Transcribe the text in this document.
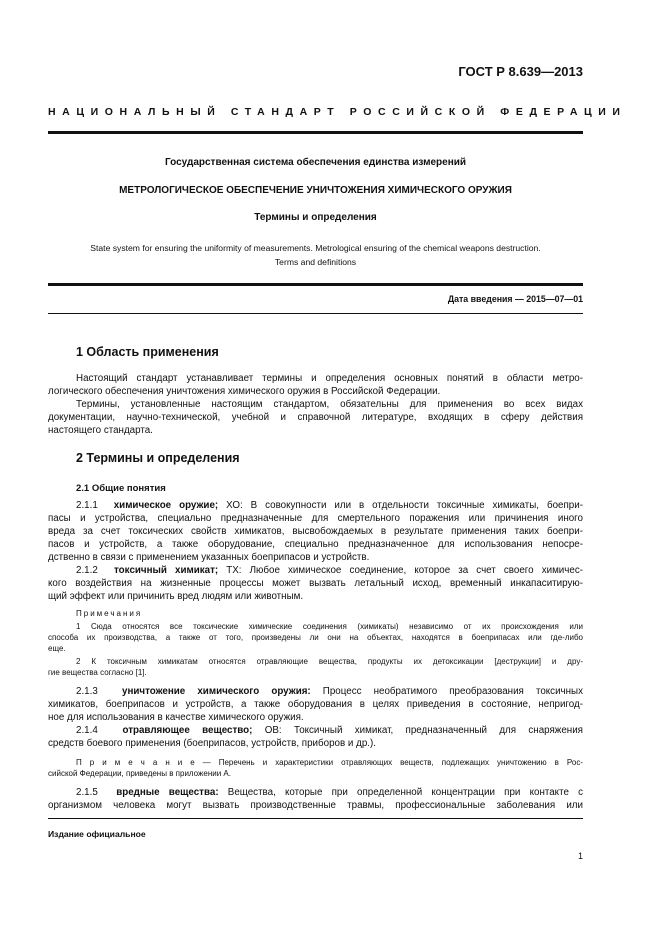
ГОСТ Р 8.639—2013
НАЦИОНАЛЬНЫЙ СТАНДАРТ РОССИЙСКОЙ ФЕДЕРАЦИИ
Государственная система обеспечения единства измерений
МЕТРОЛОГИЧЕСКОЕ ОБЕСПЕЧЕНИЕ УНИЧТОЖЕНИЯ ХИМИЧЕСКОГО ОРУЖИЯ
Термины и определения
State system for ensuring the uniformity of measurements. Metrological ensuring of the chemical weapons destruction.
Terms and definitions
Дата введения — 2015—07—01
1 Область применения
Настоящий стандарт устанавливает термины и определения основных понятий в области метро-
логического обеспечения уничтожения химического оружия в Российской Федерации.
Термины, установленные настоящим стандартом, обязательны для применения во всех видах
документации, научно-технической, учебной и справочной литературе, входящих в сферу действия
настоящего стандарта.
2 Термины и определения
2.1 Общие понятия
2.1.1 химическое оружие; ХО: В совокупности или в отдельности токсичные химикаты, боепри-
пасы и устройства, специально предназначенные для смертельного поражения или причинения иного
вреда за счет токсических свойств химикатов, высвобождаемых в результате применения таких боепри-
пасов и устройств, а также оборудование, специально предназначенное для использования непосре-
дственно в связи с применением указанных боеприпасов и устройств.
2.1.2 токсичный химикат; ТХ: Любое химическое соединение, которое за счет своего химичес-
кого воздействия на жизненные процессы может вызвать летальный исход, временный инкапаситирую-
щий эффект или причинить вред людям или животным.
Примечания
1 Сюда относятся все токсические химические соединения (химикаты) независимо от их происхождения или
способа их производства, а также от того, произведены ли они на объектах, находятся в боеприпасах или где-либо
еще.
2 К токсичным химикатам относятся отравляющие вещества, продукты их детоксикации [деструкции] и дру-
гие вещества согласно [1].
2.1.3 уничтожение химического оружия: Процесс необратимого преобразования токсичных
химикатов, боеприпасов и устройств, а также оборудования в целях приведения в состояние, непригод-
ное для использования в качестве химического оружия.
2.1.4	отравляющее вещество; ОВ: Токсичный химикат, предназначенный для снаряжения
средств боевого применения (боеприпасов, устройств, приборов и др.).
П р и м е ч а н и е — Перечень и характеристики отравляющих веществ, подлежащих уничтожению в Рос-
сийской Федерации, приведены в приложении А.
2.1.5 вредные вещества: Вещества, которые при определенной концентрации при контакте с
организмом человека могут вызвать производственные травмы, профессиональные заболевания или
Издание официальное
1
